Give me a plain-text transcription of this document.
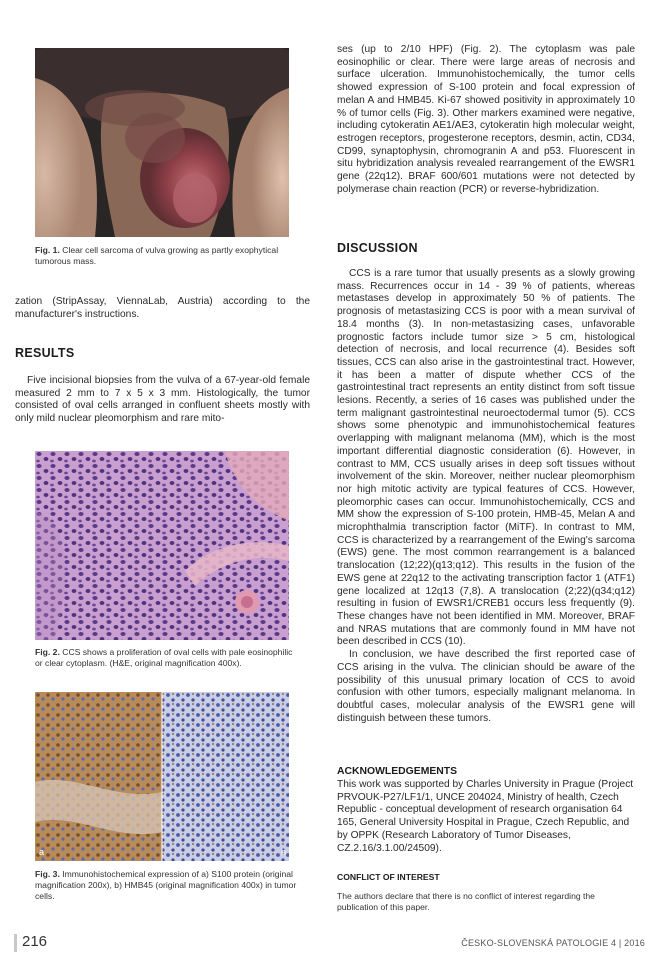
Fig. 1. Clear cell sarcoma of vulva growing as partly exophytical tumorous mass.

zation (StripAssay, ViennaLab, Austria) according to the manufacturer's instructions.

RESULTS

Five incisional biopsies from the vulva of a 67-year-old female measured 2 mm to 7 x 5 x 3 mm. Histologically, the tumor consisted of oval cells arranged in confluent sheets mostly with only mild nuclear pleomorphism and rare mito-

Fig. 2. CCS shows a proliferation of oval cells with pale eosinophilic or clear cytoplasm. (H&E, original magnification 400x).
a	b
Fig. 3. Immunohistochemical expression of a) S100 protein (original magnification 200x), b) HMB45 (original magnification 400x) in tumor cells.

ses (up to 2/10 HPF) (Fig. 2). The cytoplasm was pale eosinophilic or clear. There were large areas of necrosis and surface ulceration. Immunohistochemically, the tumor cells showed expression of S-100 protein and focal expression of melan A and HMB45. Ki-67 showed positivity in approximately 10 % of tumor cells (Fig. 3). Other markers examined were negative, including cytokeratin AE1/AE3, cytokeratin high molecular weight, estrogen receptors, progesterone receptors, desmin, actin, CD34, CD99, synaptophysin, chromogranin A and p53. Fluorescent in situ hybridization analysis revealed rearrangement of the EWSR1 gene (22q12). BRAF 600/601 mutations were not detected by polymerase chain reaction (PCR) or reverse-hybridization.

DISCUSSION

CCS is a rare tumor that usually presents as a slowly growing mass. Recurrences occur in 14 - 39 % of patients, whereas metastases develop in approximately 50 % of patients. The prognosis of metastasizing CCS is poor with a mean survival of 18.4 months (3). In non-metastasizing cases, unfavorable prognostic factors include tumor size > 5 cm, histological detection of necrosis, and local recurrence (4). Besides soft tissues, CCS can also arise in the gastrointestinal tract. However, it has been a matter of dispute whether CCS of the gastrointestinal tract represents an entity distinct from soft tissue lesions. Recently, a series of 16 cases was published under the term malignant gastrointestinal neuroectodermal tumor (5). CCS shows some phenotypic and immunohistochemical features overlapping with malignant melanoma (MM), which is the most important differential diagnostic consideration (6). However, in contrast to MM, CCS usually arises in deep soft tissues without involvement of the skin. Moreover, neither nuclear pleomorphism nor high mitotic activity are typical features of CCS. However, pleomorphic cases can occur. Immunohistochemically, CCS and MM show the expression of S-100 protein, HMB-45, Melan A and microphthalmia transcription factor (MiTF). In contrast to MM, CCS is characterized by a rearrangement of the Ewing's sarcoma (EWS) gene. The most common rearrangement is a balanced translocation (12;22)(q13;q12). This results in the fusion of the EWS gene at 22q12 to the activating transcription factor 1 (ATF1) gene localized at 12q13 (7,8). A translocation (2;22)(q34;q12) resulting in fusion of EWSR1/CREB1 occurs less frequently (9). These changes have not been identified in MM. Moreover, BRAF and NRAS mutations that are commonly found in MM have not been described in CCS (10).

In conclusion, we have described the first reported case of CCS arising in the vulva. The clinician should be aware of the possibility of this unusual primary location of CCS to avoid confusion with other tumors, especially malignant melanoma. In doubtful cases, molecular analysis of the EWSR1 gene will distinguish between these tumors.

ACKNOWLEDGEMENTS

This work was supported by Charles University in Prague (Project PRVOUK-P27/LF1/1, UNCE 204024, Ministry of health, Czech Republic - conceptual development of research organisation 64 165, General University Hospital in Prague, Czech Republic, and by OPPK (Research Laboratory of Tumor Diseases, CZ.2.16/3.1.00/24509).

CONFLICT OF INTEREST

The authors declare that there is no conflict of interest regarding the publication of this paper.

216	ČESKO-SLOVENSKÁ PATOLOGIE 4 | 2016
